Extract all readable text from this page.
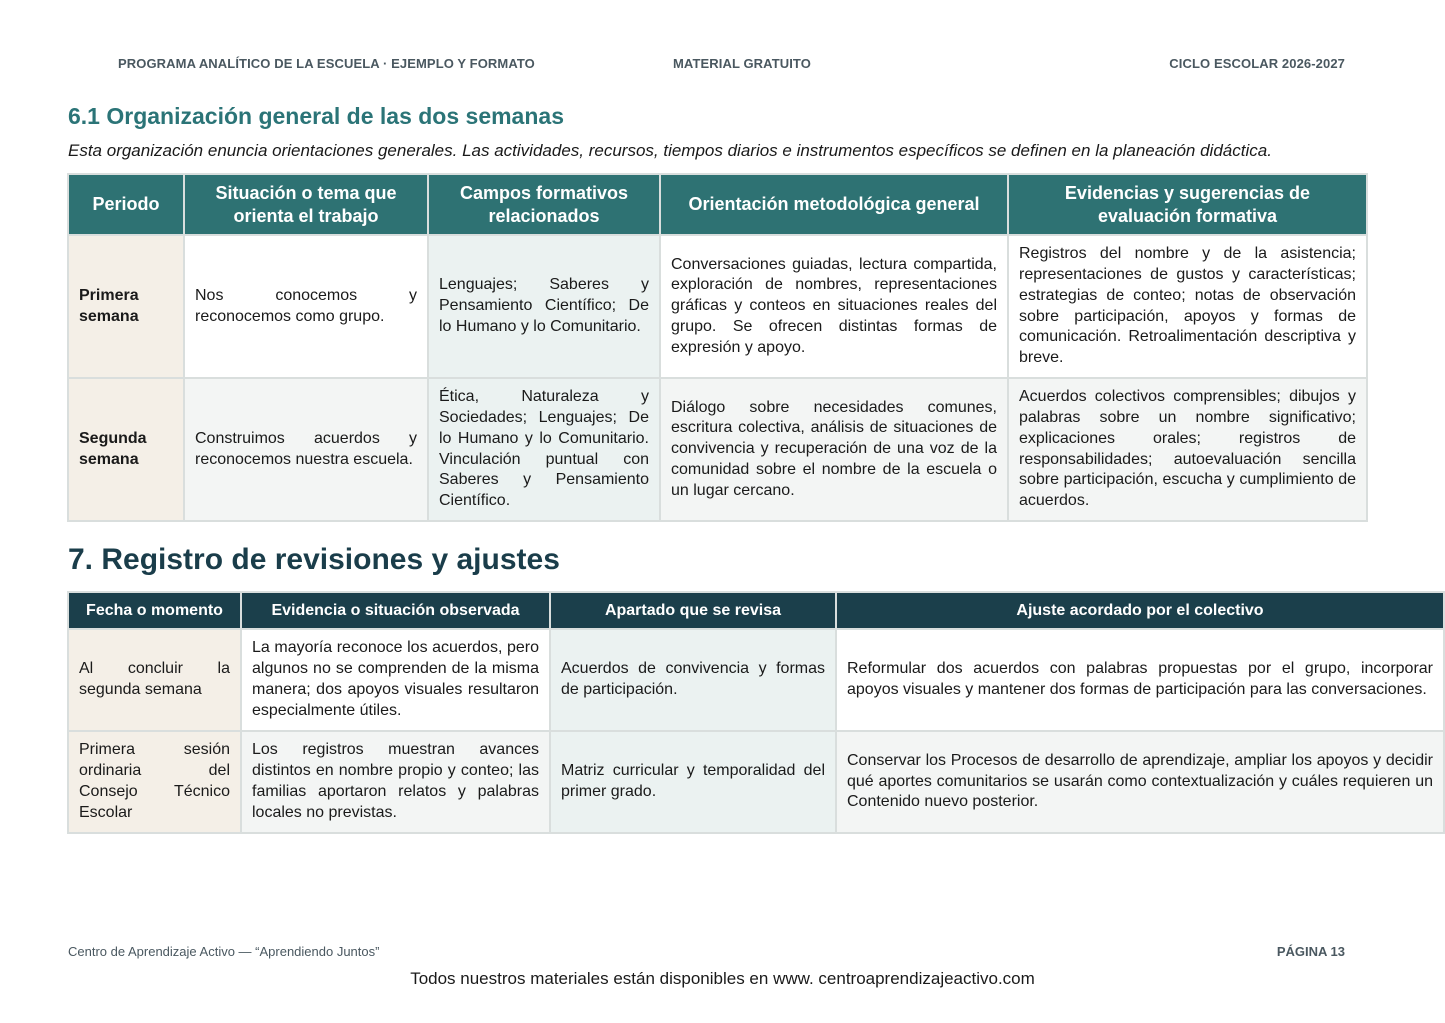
PROGRAMA ANALÍTICO DE LA ESCUELA · EJEMPLO Y FORMATO	MATERIAL GRATUITO	CICLO ESCOLAR 2026-2027
6.1 Organización general de las dos semanas

Esta organización enuncia orientaciones generales. Las actividades, recursos, tiempos diarios e instrumentos específicos se definen en la planeación didáctica.

Periodo	Situación o tema que orienta el trabajo	Campos formativos relacionados	Orientación metodológica general	Evidencias y sugerencias de evaluación formativa
Primera semana	Nos conocemos y reconocemos como grupo.	Lenguajes; Saberes y Pensamiento Científico; De lo Humano y lo Comunitario.	Conversaciones guiadas, lectura compartida, exploración de nombres, representaciones gráficas y conteos en situaciones reales del grupo. Se ofrecen distintas formas de expresión y apoyo.	Registros del nombre y de la asistencia; representaciones de gustos y características; estrategias de conteo; notas de observación sobre participación, apoyos y formas de comunicación. Retroalimentación descriptiva y breve.
Segunda semana	Construimos acuerdos y reconocemos nuestra escuela.	Ética, Naturaleza y Sociedades; Lenguajes; De lo Humano y lo Comunitario. Vinculación puntual con Saberes y Pensamiento Científico.	Diálogo sobre necesidades comunes, escritura colectiva, análisis de situaciones de convivencia y recuperación de una voz de la comunidad sobre el nombre de la escuela o un lugar cercano.	Acuerdos colectivos comprensibles; dibujos y palabras sobre un nombre significativo; explicaciones orales; registros de responsabilidades; autoevaluación sencilla sobre participación, escucha y cumplimiento de acuerdos.
7. Registro de revisiones y ajustes
Fecha o momento	Evidencia o situación observada	Apartado que se revisa	Ajuste acordado por el colectivo
Al concluir la segunda semana	La mayoría reconoce los acuerdos, pero algunos no se comprenden de la misma manera; dos apoyos visuales resultaron especialmente útiles.	Acuerdos de convivencia y formas de participación.	Reformular dos acuerdos con palabras propuestas por el grupo, incorporar apoyos visuales y mantener dos formas de participación para las conversaciones.
Primera sesión ordinaria del Consejo Técnico Escolar	Los registros muestran avances distintos en nombre propio y conteo; las familias aportaron relatos y palabras locales no previstas.	Matriz curricular y temporalidad del primer grado.	Conservar los Procesos de desarrollo de aprendizaje, ampliar los apoyos y decidir qué aportes comunitarios se usarán como contextualización y cuáles requieren un Contenido nuevo posterior.
Centro de Aprendizaje Activo — “Aprendiendo Juntos”	PÁGINA 13
Todos nuestros materiales están disponibles en www. centroaprendizajeactivo.com
